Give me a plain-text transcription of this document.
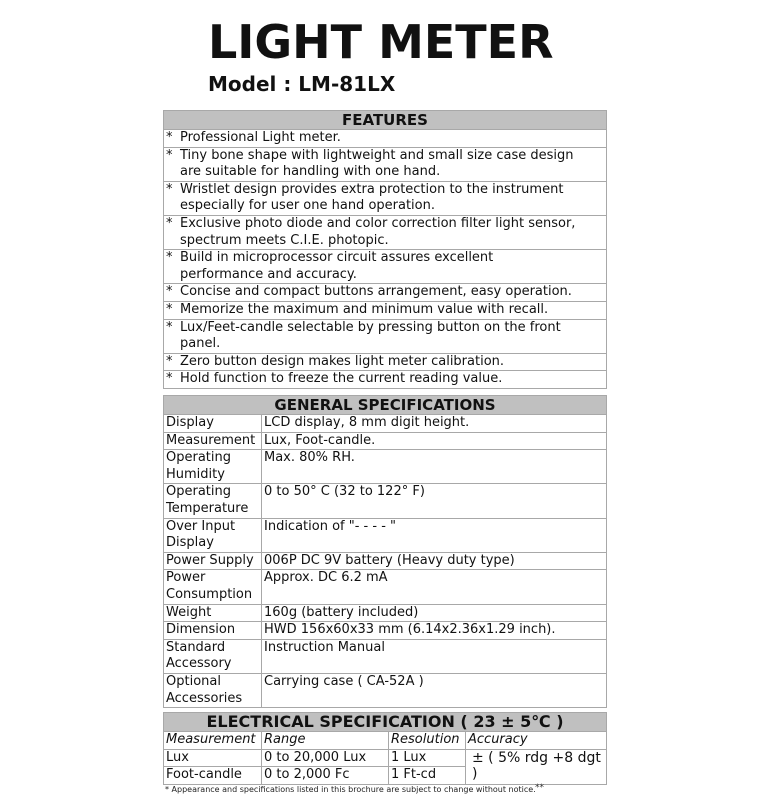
LIGHT METER
Model : LM-81LX
FEATURES
* Professional Light meter.
* Tiny bone shape with lightweight and small size case design
are suitable for handling with one hand.

* Wristlet design provides extra protection to the instrument
especially for user one hand operation.

* Exclusive photo diode and color correction filter light sensor,
spectrum meets C.I.E. photopic.

* Build in microprocessor circuit assures excellent
performance and accuracy.

* Concise and compact buttons arrangement, easy operation.
* Memorize the maximum and minimum value with recall.
* Lux/Feet-candle selectable by pressing button on the front
panel.

* Zero button design makes light meter calibration.
* Hold function to freeze the current reading value.
GENERAL SPECIFICATIONS	
Display	LCD display, 8 mm digit height.
Measurement	Lux, Foot-candle.
Operating
Humidity	Max. 80% RH.
Operating
Temperature	0 to 50° C (32 to 122° F)
Over Input
Display	Indication of "- - - - "
Power Supply	006P DC 9V battery (Heavy duty type)
Power
Consumption	Approx. DC 6.2 mA
Weight	160g (battery included)
Dimension	HWD 156x60x33 mm (6.14x2.36x1.29 inch).
Standard
Accessory	Instruction Manual
Optional
Accessories	Carrying case ( CA-52A )
ELECTRICAL SPECIFICATION ( 23 ± 5℃ )			
Measurement	Range	Resolution	Accuracy
Lux	0 to 20,000 Lux	1 Lux	± ( 5% rdg +8 dgt )
Foot-candle	0 to 2,000 Fc	1 Ft-cd	
* Appearance and specifications listed in this brochure are subject to change without notice. **
